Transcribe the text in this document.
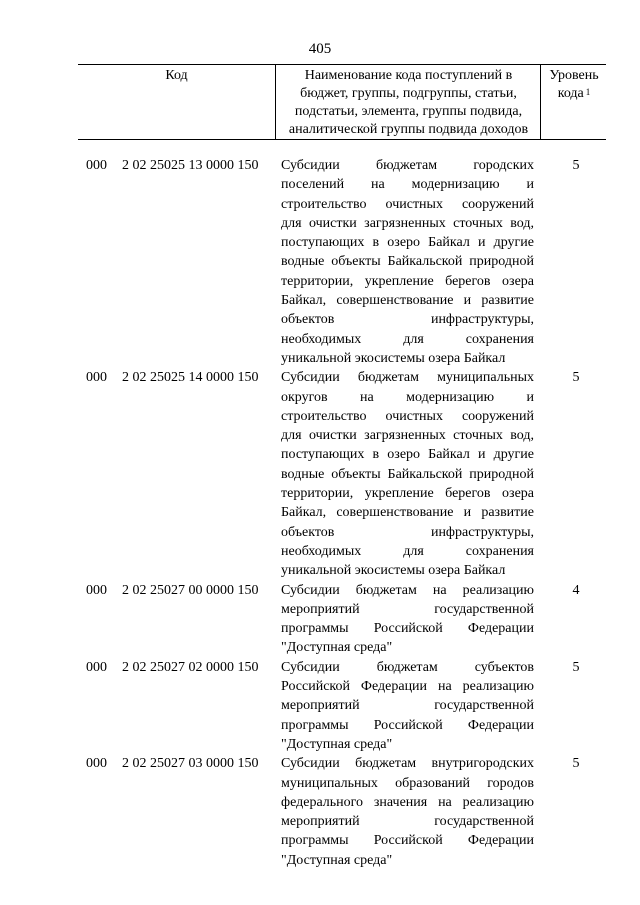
405
Код	Наименование кода поступлений в бюджет, группы, подгруппы, статьи, подстатьи, элемента, группы подвида, аналитической группы подвида доходов
Уровень кода $^1$
000	2 02 25025 13 0000 150	Субсидии бюджетам городских
поселений на модернизацию и
строительство очистных сооружений
для очистки загрязненных сточных вод,
поступающих в озеро Байкал и другие
водные объекты Байкальской природной
территории, укрепление берегов озера
Байкал, совершенствование и развитие
объектов инфраструктуры,
необходимых для сохранения
уникальной экосистемы озера Байкал
5
000	2 02 25025 14 0000 150	Субсидии бюджетам муниципальных
округов на модернизацию и
строительство очистных сооружений
для очистки загрязненных сточных вод,
поступающих в озеро Байкал и другие
водные объекты Байкальской природной
территории, укрепление берегов озера
Байкал, совершенствование и развитие
объектов инфраструктуры,
необходимых для сохранения
уникальной экосистемы озера Байкал
5
000	2 02 25027 00 0000 150	Субсидии бюджетам на реализацию
мероприятий государственной
программы Российской Федерации
"Доступная среда"
4
000	2 02 25027 02 0000 150	Субсидии бюджетам субъектов
Российской Федерации на реализацию
мероприятий государственной
программы Российской Федерации
"Доступная среда"
5
000	2 02 25027 03 0000 150	Субсидии бюджетам внутригородских
муниципальных образований городов
федерального значения на реализацию
мероприятий государственной
программы Российской Федерации
"Доступная среда"
5
